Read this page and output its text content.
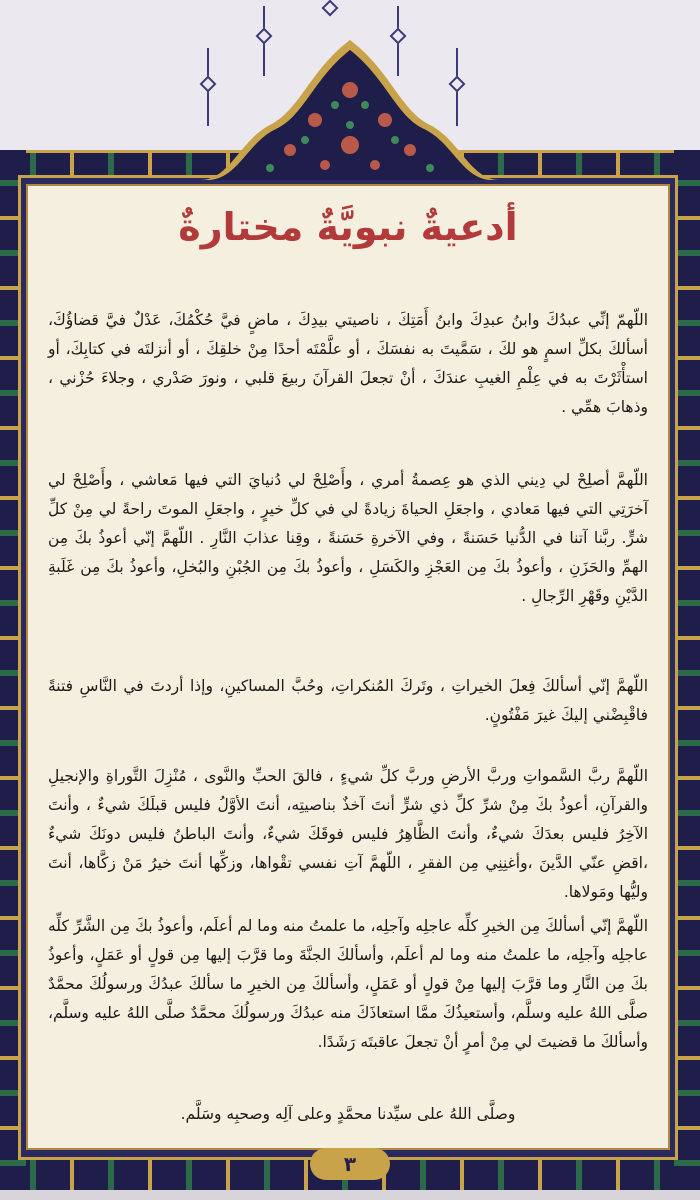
أدعيةٌ نبويَّةٌ مختارةٌ
اللّهمّ إنِّي عبدُكَ وابنُ عبدِكَ وابنُ أَمَتِكَ ، ناصيتي بيدِكَ ، ماضٍ فيَّ حُكْمُكَ، عَدْلٌ فيَّ قضاؤُكَ، أسألكَ بكلِّ اسمٍ هو لكَ ، سَمَّيتَ به نفسَكَ ، أو علَّمْتَه أحدًا مِنْ خلقِكَ ، أو أنزلتَه في كتابِكَ، أو استأْثَرْتَ به في عِلْمِ الغيبِ عندَكَ ، أنْ تجعلَ القرآنَ ربيعَ قلبي ، ونورَ صَدْري ، وجلاءَ حُزْني ، وذهابَ همِّي .
اللّهمَّ أصلِحْ لي دِيني الذي هو عِصمةُ أمري ، وأَصْلِحْ لي دُنيايَ التي فيها مَعاشي ، وأَصْلِحْ لي آخرَتِي التي فيها مَعادي ، واجعَلِ الحياةَ زيادةً لي في كلِّ خيرٍ ، واجعَلِ الموتَ راحةً لي مِنْ كلِّ شرٍّ. ربَّنا آتنا في الدُّنيا حَسَنةً ، وفي الآخرةِ حَسَنةً ، وقِنا عذابَ النَّارِ . اللّهمَّ إنّي أعوذُ بكَ مِن الهمِّ والحَزَنِ ، وأعوذُ بكَ مِن العَجْزِ والكَسَلِ ، وأعوذُ بكَ مِن الجُبْنِ والبُخلِ، وأعوذُ بكَ مِن غَلَبةِ الدَّيْنِ وقَهْرِ الرِّجالِ .
اللّهمَّ إنّي أسألكَ فِعلَ الخيراتِ ، وتَركَ المُنكراتِ، وحُبَّ المساكينِ، وإذا أردتَ في النَّاسِ فتنةً فاقْبِضْني إليكَ غيرَ مَفْتُونٍ.
اللّهمَّ ربَّ السَّمواتِ وربَّ الأرضِ وربَّ كلِّ شيءٍ ، فالقَ الحبِّ والنَّوى ، مُنْزِلَ التَّوراةِ والإنجيلِ والقرآنِ، أعوذُ بكَ مِنْ شرِّ كلِّ ذي شرٍّ أنتَ آخذٌ بناصيتِه، أنتَ الأوَّلُ فليس قبلَكَ شيءٌ ، وأنتَ الآخِرُ فليس بعدَكَ شيءٌ، وأنتَ الظَّاهِرُ فليس فوقَكَ شيءٌ، وأنتَ الباطنُ فليس دونَكَ شيءٌ ،اقضِ عنّي الدَّينَ ،وأغنِنِي مِن الفقرِ ، اللّهمَّ آتِ نفسي تقْواها، وزكِّها أنتَ خيرُ مَنْ زكَّاها، أنتَ وليُّها ومَولاها.
اللّهمَّ إنّي أسألكَ مِن الخيرِ كلِّه عاجلِه وآجلِه، ما علمتُ منه وما لم أعلَم، وأعوذُ بكَ مِن الشَّرِّ كلِّه عاجلِه وآجلِه، ما علمتُ منه وما لم أعلَم، وأسألكَ الجنَّةَ وما قرَّبَ إليها مِن قولٍ أو عَمَلٍ، وأعوذُ بكَ مِن النَّارِ وما قرَّبَ إليها مِنْ قولٍ أو عَمَلٍ، وأسألكَ مِن الخيرِ ما سألكَ عبدُكَ ورسولُكَ محمَّدٌ صلَّى اللهُ عليه وسلَّم، وأستعيذُكَ ممَّا استعاذَكَ منه عبدُكَ ورسولُكَ محمَّدٌ صلَّى اللهُ عليه وسلَّم، وأسألكَ ما قضيتَ لي مِنْ أمرٍ أنْ تجعلَ عاقبتَه رَشَدًا.
وصلَّى اللهُ على سيِّدنا محمَّدٍ وعلى آلِه وصحبِه وسَلَّم.
٣
